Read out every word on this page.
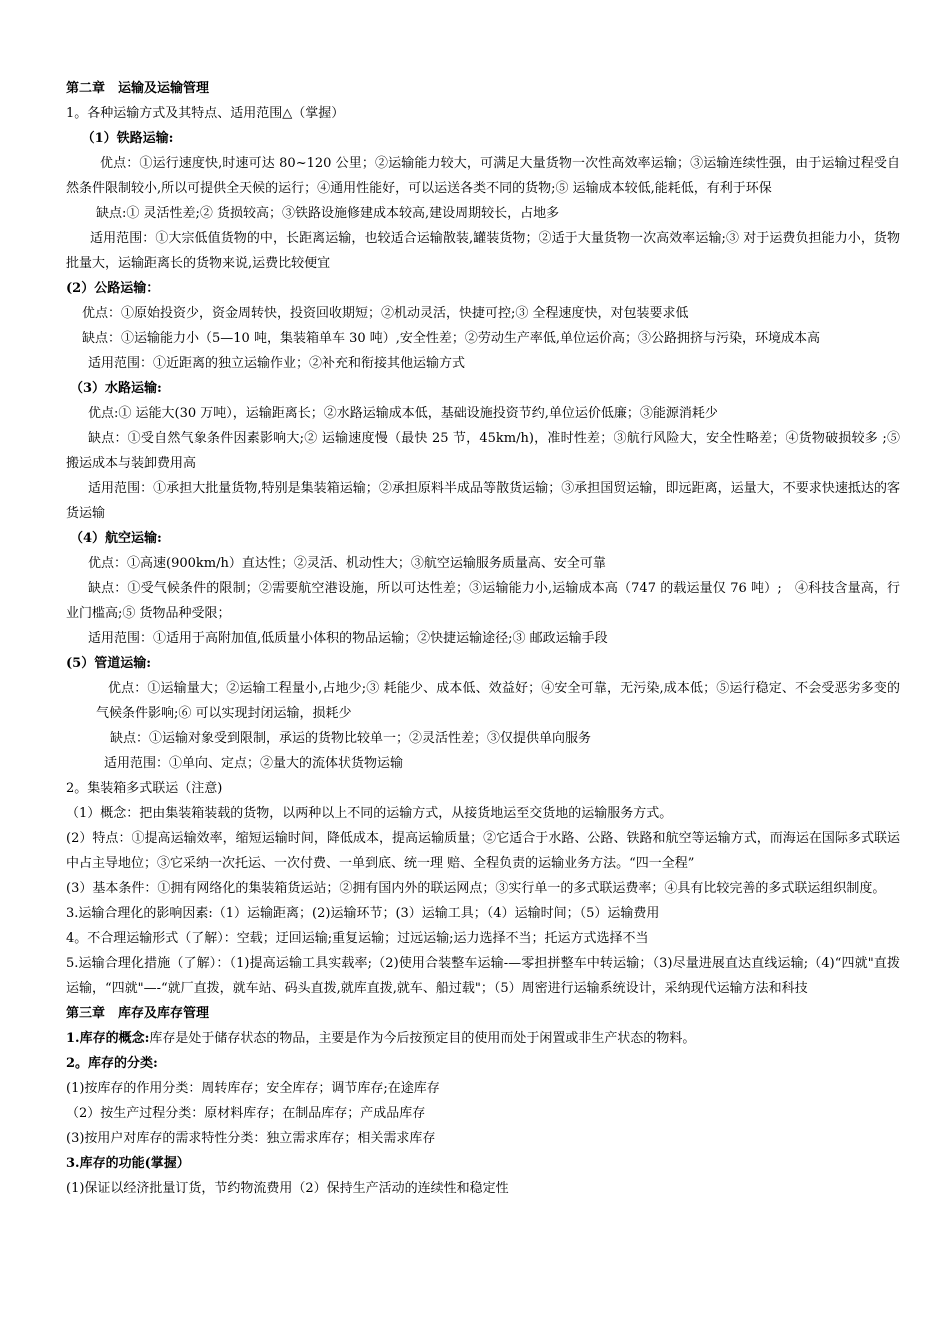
第二章　运输及运输管理

1。各种运输方式及其特点、适用范围△（掌握）

（1）铁路运输:

优点：①运行速度快,时速可达 80~120 公里；②运输能力较大，可满足大量货物一次性高效率运输；③运输连续性强，由于运输过程受自然条件限制较小,所以可提供全天候的运行；④通用性能好，可以运送各类不同的货物;⑤ 运输成本较低,能耗低，有利于环保

缺点:① 灵活性差;② 货损较高；③铁路设施修建成本较高,建设周期较长，占地多

适用范围：①大宗低值货物的中，长距离运输，也较适合运输散装,罐装货物；②适于大量货物一次高效率运输;③ 对于运费负担能力小，货物批量大，运输距离长的货物来说,运费比较便宜

(2）公路运输：

优点：①原始投资少，资金周转快，投资回收期短；②机动灵活，快捷可控;③ 全程速度快，对包装要求低

缺点：①运输能力小（5—10 吨，集装箱单车 30 吨）,安全性差；②劳动生产率低,单位运价高；③公路拥挤与污染，环境成本高

适用范围：①近距离的独立运输作业；②补充和衔接其他运输方式

（3）水路运输:

优点:① 运能大(30 万吨），运输距离长；②水路运输成本低，基础设施投资节约,单位运价低廉；③能源消耗少

缺点：①受自然气象条件因素影响大;② 运输速度慢（最快 25 节，45km/h)，准时性差；③航行风险大，安全性略差；④货物破损较多 ;⑤ 搬运成本与装卸费用高

适用范围：①承担大批量货物,特别是集装箱运输；②承担原料半成品等散货运输；③承担国贸运输，即远距离，运量大，不要求快速抵达的客货运输

（4）航空运输:

优点：①高速(900km/h）直达性；②灵活、机动性大；③航空运输服务质量高、安全可靠

缺点：①受气候条件的限制；②需要航空港设施，所以可达性差；③运输能力小,运输成本高（747 的载运量仅 76 吨）;　④科技含量高，行业门槛高;⑤ 货物品种受限；

适用范围：①适用于高附加值,低质量小体积的物品运输；②快捷运输途径;③ 邮政运输手段

(5）管道运输:

优点：①运输量大；②运输工程量小,占地少;③ 耗能少、成本低、效益好；④安全可靠，无污染,成本低；⑤运行稳定、不会受恶劣多变的气候条件影响;⑥ 可以实现封闭运输，损耗少

缺点：①运输对象受到限制，承运的货物比较单一；②灵活性差；③仅提供单向服务

适用范围：①单向、定点；②量大的流体状货物运输

2。集装箱多式联运（注意)

（1）概念：把由集装箱装载的货物，以两种以上不同的运输方式，从接货地运至交货地的运输服务方式。

(2）特点：①提高运输效率，缩短运输时间，降低成本，提高运输质量；②它适合于水路、公路、铁路和航空等运输方式，而海运在国际多式联运中占主导地位；③它采纳一次托运、一次付费、一单到底、统一理 赔、全程负责的运输业务方法。“四一全程”

(3）基本条件：①拥有网络化的集装箱货运站；②拥有国内外的联运网点；③实行单一的多式联运费率；④具有比较完善的多式联运组织制度。

3.运输合理化的影响因素:（1）运输距离；(2)运输环节；(3）运输工具；（4）运输时间；（5）运输费用

4。不合理运输形式（了解）：空载；迂回运输;重复运输；过远运输;运力选择不当；托运方式选择不当

5.运输合理化措施（了解）：（1)提高运输工具实载率;（2)使用合装整车运输-—零担拼整车中转运输；（3)尽量进展直达直线运输;（4)“四就"直拨运输，“四就"—-“就厂直拨，就车站、码头直拨,就库直拨,就车、船过载"；（5）周密进行运输系统设计，采纳现代运输方法和科技

第三章　库存及库存管理

1.库存的概念:库存是处于储存状态的物品，主要是作为今后按预定目的使用而处于闲置或非生产状态的物料。

2。库存的分类:

(1)按库存的作用分类：周转库存；安全库存；调节库存;在途库存

（2）按生产过程分类：原材料库存；在制品库存；产成品库存

(3)按用户对库存的需求特性分类：独立需求库存；相关需求库存

3.库存的功能(掌握）

(1)保证以经济批量订货，节约物流费用（2）保持生产活动的连续性和稳定性
